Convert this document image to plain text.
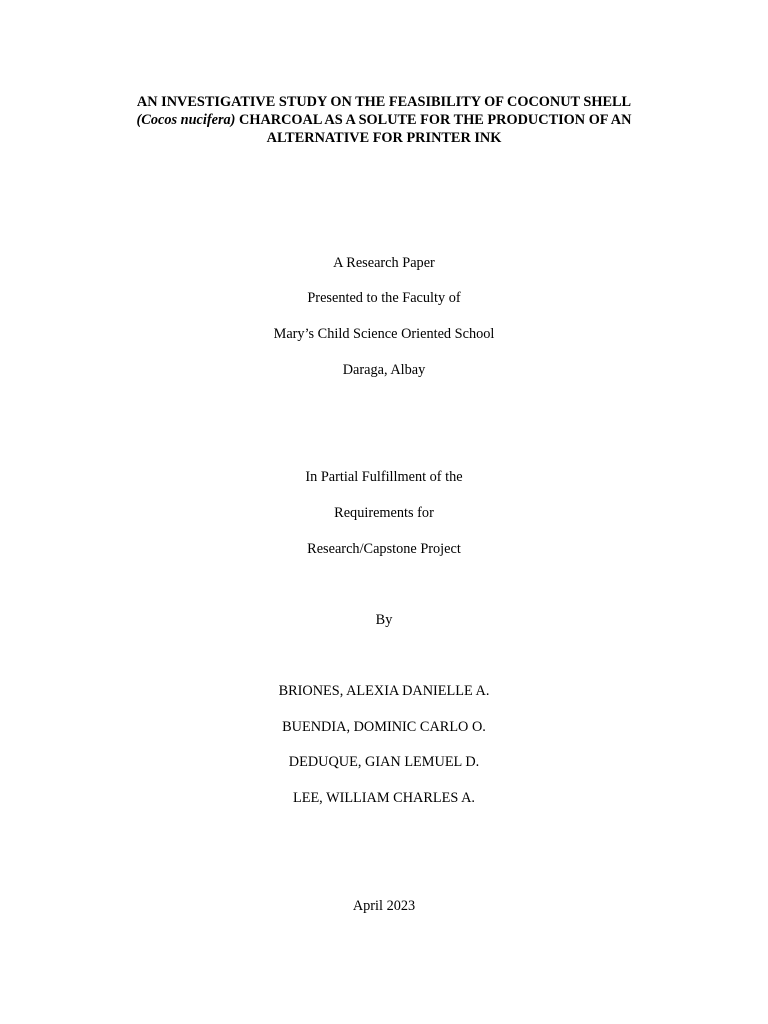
AN INVESTIGATIVE STUDY ON THE FEASIBILITY OF COCONUT SHELL
(Cocos nucifera) CHARCOAL AS A SOLUTE FOR THE PRODUCTION OF AN
ALTERNATIVE FOR PRINTER INK
A Research Paper
Presented to the Faculty of
Mary’s Child Science Oriented School
Daraga, Albay
In Partial Fulfillment of the
Requirements for
Research/Capstone Project
By
BRIONES, ALEXIA DANIELLE A.
BUENDIA, DOMINIC CARLO O.
DEDUQUE, GIAN LEMUEL D.
LEE, WILLIAM CHARLES A.
April 2023
